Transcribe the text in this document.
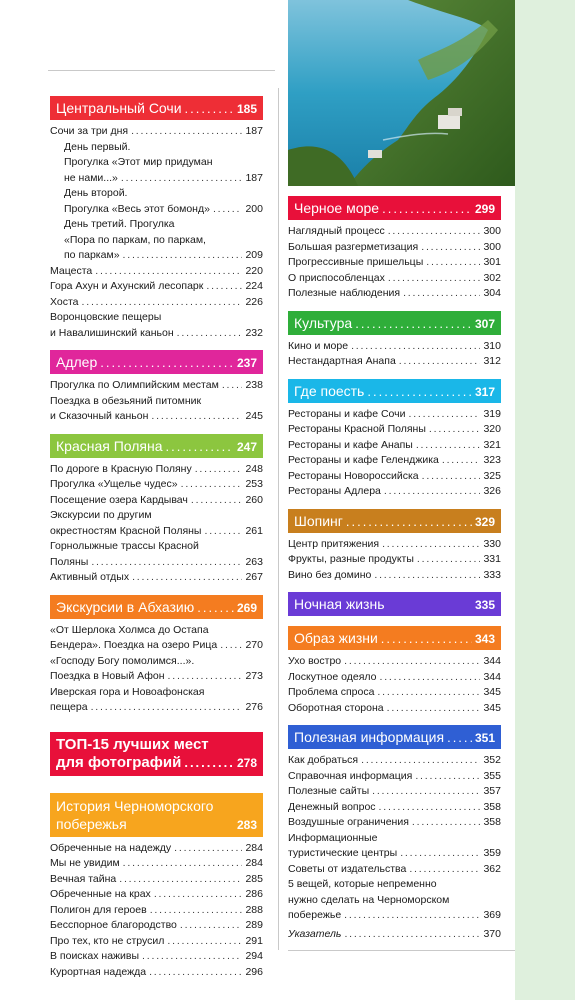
Центральный Сочи .....	185
Сочи за три дня .....	187
День первый.
Прогулка «Этот мир придуман
не нами...» .....	187
День второй.
Прогулка «Весь этот бомонд» .....	200
День третий. Прогулка
«Пора по паркам, по паркам,
по паркам» .....	209
Мацеста .....	220
Гора Ахун и Ахунский лесопарк .....	224
Хоста .....	226
Воронцовские пещеры
и Навалишинский каньон .....	232
Адлер .....	237
Прогулка по Олимпийским местам .....	238
Поездка в обезьяний питомник
и Сказочный каньон .....	245
Красная Поляна .....	247
По дороге в Красную Поляну .....	248
Прогулка «Ущелье чудес» .....	253
Посещение озера Кардывач .....	260
Экскурсии по другим
окрестностям Красной Поляны .....	261
Горнолыжные трассы Красной
Поляны .....	263
Активный отдых .....	267
Экскурсии в Абхазию .....	269
«От Шерлока Холмса до Остапа
Бендера». Поездка на озеро Рица .....	270
«Господу Богу помолимся...».
Поездка в Новый Афон .....	273
Иверская гора и Новоафонская
пещера .....	276
ТОП-15 лучших мест
для фотографий .....	278
История Черноморского
побережья	283
Обреченные на надежду .....	284
Мы не увидим .....	284
Вечная тайна .....	285
Обреченные на крах .....	286
Полигон для героев .....	288
Бесспорное благородство .....	289
Про тех, кто не струсил .....	291
В поисках наживы .....	294
Курортная надежда .....	296
Черное море .....	299
Наглядный процесс .....	300
Большая разгерметизация .....	300
Прогрессивные пришельцы .....	301
О приспособленцах .....	302
Полезные наблюдения .....	304
Культура .....	307
Кино и море .....	310
Нестандартная Анапа .....	312
Где поесть .....	317
Рестораны и кафе Сочи .....	319
Рестораны Красной Поляны .....	320
Рестораны и кафе Анапы .....	321
Рестораны и кафе Геленджика .....	323
Рестораны Новороссийска .....	325
Рестораны Адлера .....	326
Шопинг .....	329
Центр притяжения .....	330
Фрукты, разные продукты .....	331
Вино без домино .....	333
Ночная жизнь	335
Образ жизни .....	343
Ухо востро .....	344
Лоскутное одеяло .....	344
Проблема спроса .....	345
Оборотная сторона .....	345
Полезная информация .....	351
Как добраться .....	352
Справочная информация .....	355
Полезные сайты .....	357
Денежный вопрос .....	358
Воздушные ограничения .....	358
Информационные
туристические центры .....	359
Советы от издательства .....	362
5 вещей, которые непременно
нужно сделать на Черноморском
побережье .....	369
Указатель .....	370
